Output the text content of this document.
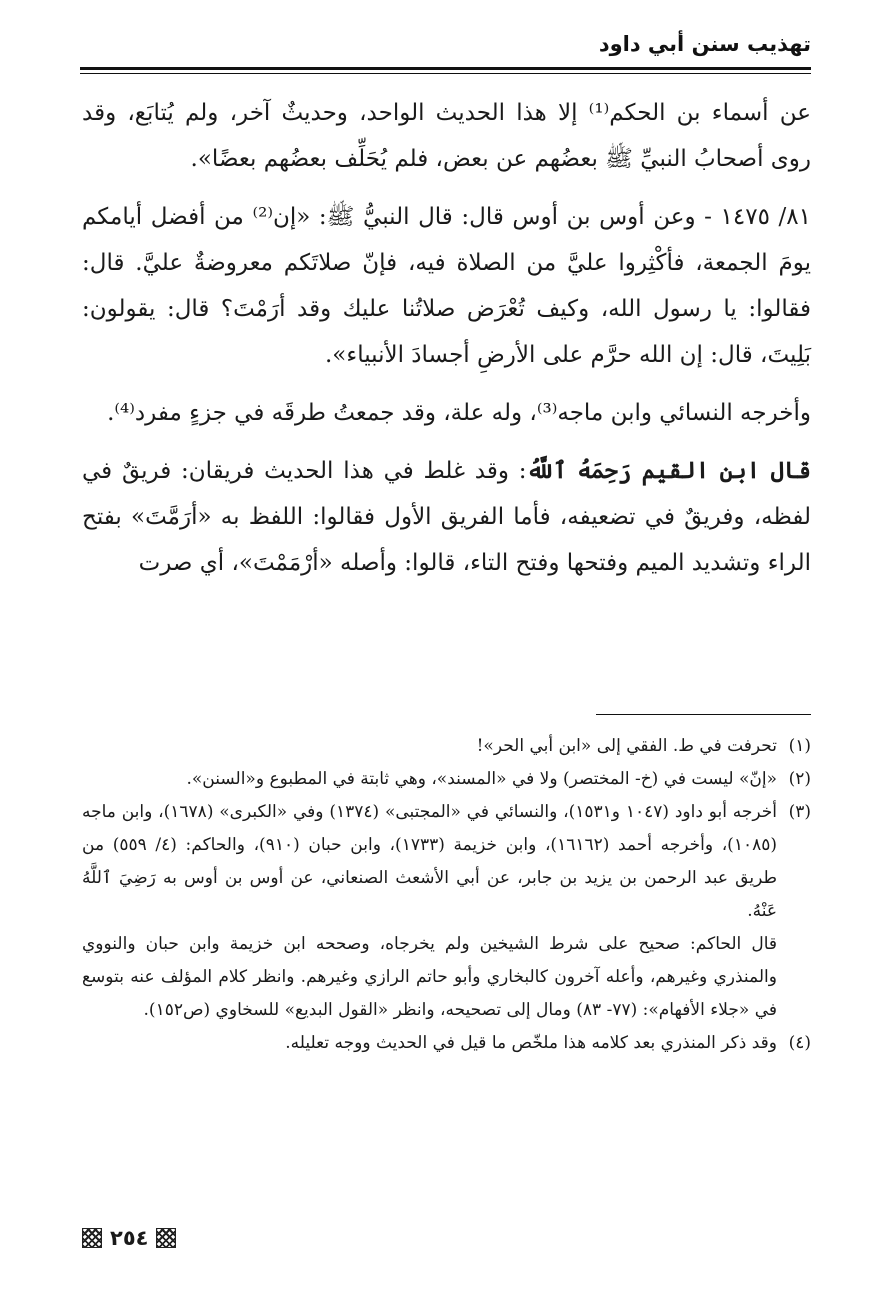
تهذيب سنن أبي داود

عن أسماء بن الحكم⁽¹⁾ إلا هذا الحديث الواحد، وحديثٌ آخر، ولم يُتابَع، وقد روى أصحابُ النبيِّ ﷺ بعضُهم عن بعض، فلم يُحَلِّف بعضُهم بعضًا».

٨١/ ١٤٧٥ - وعن أوس بن أوس قال: قال النبيُّ ﷺ: «إن⁽²⁾ من أفضل أيامكم يومَ الجمعة، فأكْثِروا عليَّ من الصلاة فيه، فإنّ صلاتَكم معروضةٌ عليَّ. قال: فقالوا: يا رسول الله، وكيف تُعْرَض صلاتُنا عليك وقد أرَمْتَ؟ قال: يقولون: بَلِيتَ، قال: إن الله حرَّم على الأرضِ أجسادَ الأنبياء».

وأخرجه النسائي وابن ماجه⁽³⁾، وله علة، وقد جمعتُ طرقَه في جزءٍ مفرد⁽⁴⁾.

قال ابن القيم رَحِمَهُ ٱللَّهُ: وقد غلط في هذا الحديث فريقان: فريقٌ في لفظه، وفريقٌ في تضعيفه، فأما الفريق الأول فقالوا: اللفظ به «أرَمَّتَ» بفتح الراء وتشديد الميم وفتحها وفتح التاء، قالوا: وأصله «أرْمَمْتَ»، أي صرت

(١)
تحرفت في ط. الفقي إلى «ابن أبي الحر»!
(٢)
«إنّ» ليست في (خ- المختصر) ولا في «المسند»، وهي ثابتة في المطبوع و«السنن».
(٣)
أخرجه أبو داود (١٠٤٧ و١٥٣١)، والنسائي في «المجتبى» (١٣٧٤) وفي «الكبرى» (١٦٧٨)، وابن ماجه (١٠٨٥)، وأخرجه أحمد (١٦١٦٢)، وابن خزيمة (١٧٣٣)، وابن حبان (٩١٠)، والحاكم: (٤/ ٥٥٩) من طريق عبد الرحمن بن يزيد بن جابر، عن أبي الأشعث الصنعاني، عن أوس بن أوس به رَضِيَ ٱللَّهُ عَنْهُ.
قال الحاكم: صحيح على شرط الشيخين ولم يخرجاه، وصححه ابن خزيمة وابن حبان والنووي والمنذري وغيرهم، وأعله آخرون كالبخاري وأبو حاتم الرازي وغيرهم. وانظر كلام المؤلف عنه بتوسع في «جلاء الأفهام»: (٧٧- ٨٣) ومال إلى تصحيحه، وانظر «القول البديع» للسخاوي (ص١٥٢).
(٤)
وقد ذكر المنذري بعد كلامه هذا ملخّص ما قيل في الحديث ووجه تعليله.
٢٥٤
